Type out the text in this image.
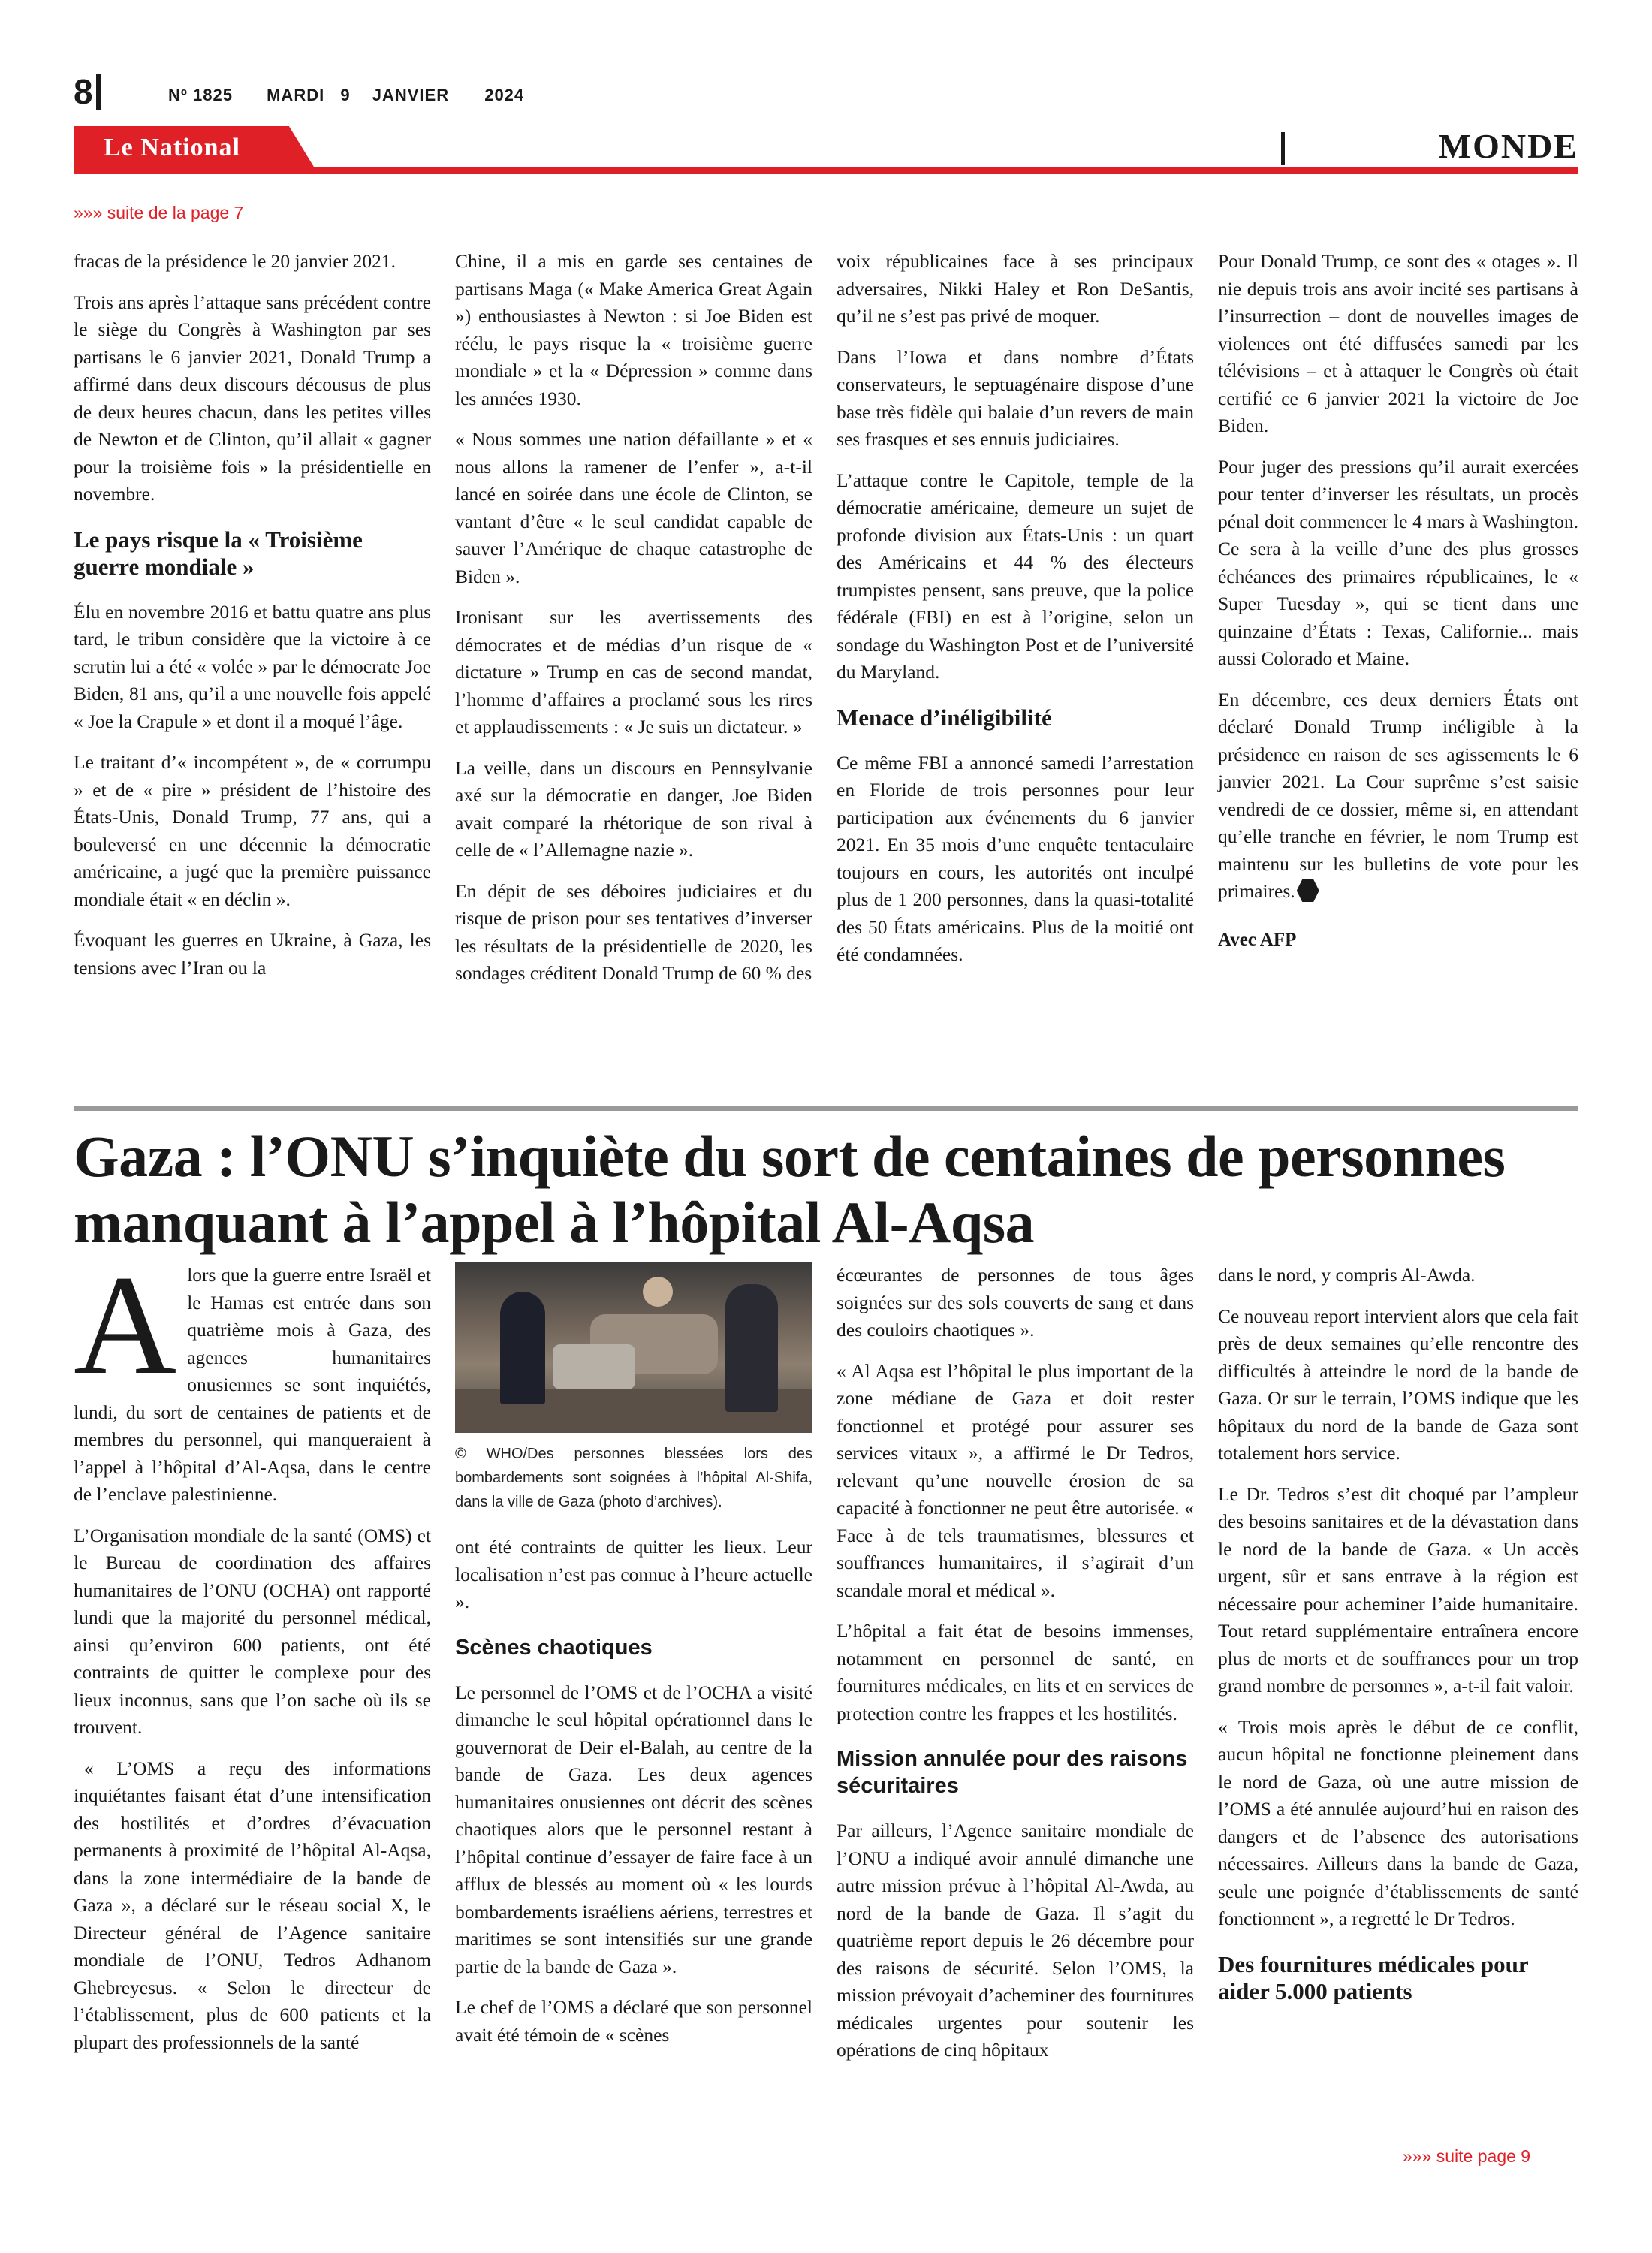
8	Nº 1825 MARDI 9 JANVIER 2024
Le National	MONDE
»»» suite de la page 7

fracas de la présidence le 20 janvier 2021.

Trois ans après l’attaque sans précédent contre le siège du Congrès à Washington par ses partisans le 6 janvier 2021, Donald Trump a affirmé dans deux discours décousus de plus de deux heures chacun, dans les petites villes de Newton et de Clinton, qu’il allait « gagner pour la troisième fois » la présidentielle en novembre.

Le pays risque la « Troisième guerre mondiale »

Élu en novembre 2016 et battu quatre ans plus tard, le tribun considère que la victoire à ce scrutin lui a été « volée » par le démocrate Joe Biden, 81 ans, qu’il a une nouvelle fois appelé « Joe la Crapule » et dont il a moqué l’âge.

Le traitant d’« incompétent », de « corrumpu » et de « pire » président de l’histoire des États-Unis, Donald Trump, 77 ans, qui a bouleversé en une décennie la démocratie américaine, a jugé que la première puissance mondiale était « en déclin ».

Évoquant les guerres en Ukraine, à Gaza, les tensions avec l’Iran ou la

Chine, il a mis en garde ses centaines de partisans Maga (« Make America Great Again ») enthousiastes à Newton : si Joe Biden est réélu, le pays risque la « troisième guerre mondiale » et la « Dépression » comme dans les années 1930.

« Nous sommes une nation défaillante » et « nous allons la ramener de l’enfer », a-t-il lancé en soirée dans une école de Clinton, se vantant d’être « le seul candidat capable de sauver l’Amérique de chaque catastrophe de Biden ».

Ironisant sur les avertissements des démocrates et de médias d’un risque de « dictature » Trump en cas de second mandat, l’homme d’affaires a proclamé sous les rires et applaudissements : « Je suis un dictateur. »

La veille, dans un discours en Pennsylvanie axé sur la démocratie en danger, Joe Biden avait comparé la rhétorique de son rival à celle de « l’Allemagne nazie ».

En dépit de ses déboires judiciaires et du risque de prison pour ses tentatives d’inverser les résultats de la présidentielle de 2020, les sondages créditent Donald Trump de 60 % des

voix républicaines face à ses principaux adversaires, Nikki Haley et Ron DeSantis, qu’il ne s’est pas privé de moquer.

Dans l’Iowa et dans nombre d’États conservateurs, le septuagénaire dispose d’une base très fidèle qui balaie d’un revers de main ses frasques et ses ennuis judiciaires.

L’attaque contre le Capitole, temple de la démocratie américaine, demeure un sujet de profonde division aux États-Unis : un quart des Américains et 44 % des électeurs trumpistes pensent, sans preuve, que la police fédérale (FBI) en est à l’origine, selon un sondage du Washington Post et de l’université du Maryland.

Menace d’inéligibilité

Ce même FBI a annoncé samedi l’arrestation en Floride de trois personnes pour leur participation aux événements du 6 janvier 2021. En 35 mois d’une enquête tentaculaire toujours en cours, les autorités ont inculpé plus de 1 200 personnes, dans la quasi-totalité des 50 États américains. Plus de la moitié ont été condamnées.

Pour Donald Trump, ce sont des « otages ». Il nie depuis trois ans avoir incité ses partisans à l’insurrection – dont de nouvelles images de violences ont été diffusées samedi par les télévisions – et à attaquer le Congrès où était certifié ce 6 janvier 2021 la victoire de Joe Biden.

Pour juger des pressions qu’il aurait exercées pour tenter d’inverser les résultats, un procès pénal doit commencer le 4 mars à Washington. Ce sera à la veille d’une des plus grosses échéances des primaires républicaines, le « Super Tuesday », qui se tient dans une quinzaine d’États : Texas, Californie... mais aussi Colorado et Maine.

En décembre, ces deux derniers États ont déclaré Donald Trump inéligible à la présidence en raison de ses agissements le 6 janvier 2021. La Cour suprême s’est saisie vendredi de ce dossier, même si, en attendant qu’elle tranche en février, le nom Trump est maintenu sur les bulletins de vote pour les primaires.

Avec AFP
Gaza : l’ONU s’inquiète du sort de centaines de personnes manquant à l’appel à l’hôpital Al-Aqsa

Alors que la guerre entre Israël et le Hamas est entrée dans son quatrième mois à Gaza, des agences humanitaires onusiennes se sont inquiétés, lundi, du sort de centaines de patients et de membres du personnel, qui manqueraient à l’appel à l’hôpital d’Al-Aqsa, dans le centre de l’enclave palestinienne.

L’Organisation mondiale de la santé (OMS) et le Bureau de coordination des affaires humanitaires de l’ONU (OCHA) ont rapporté lundi que la majorité du personnel médical, ainsi qu’environ 600 patients, ont été contraints de quitter le complexe pour des lieux inconnus, sans que l’on sache où ils se trouvent.

« L’OMS a reçu des informations inquiétantes faisant état d’une intensification des hostilités et d’ordres d’évacuation permanents à proximité de l’hôpital Al-Aqsa, dans la zone intermédiaire de la bande de Gaza », a déclaré sur le réseau social X, le Directeur général de l’Agence sanitaire mondiale de l’ONU, Tedros Adhanom Ghebreyesus. « Selon le directeur de l’établissement, plus de 600 patients et la plupart des professionnels de la santé

© WHO/Des personnes blessées lors des bombardements sont soignées à l’hôpital Al-Shifa, dans la ville de Gaza (photo d’archives).

ont été contraints de quitter les lieux. Leur localisation n’est pas connue à l’heure actuelle ».

Scènes chaotiques

Le personnel de l’OMS et de l’OCHA a visité dimanche le seul hôpital opérationnel dans le gouvernorat de Deir el-Balah, au centre de la bande de Gaza. Les deux agences humanitaires onusiennes ont décrit des scènes chaotiques alors que le personnel restant à l’hôpital continue d’essayer de faire face à un afflux de blessés au moment où « les lourds bombardements israéliens aériens, terrestres et maritimes se sont intensifiés sur une grande partie de la bande de Gaza ».

Le chef de l’OMS a déclaré que son personnel avait été témoin de « scènes

écœurantes de personnes de tous âges soignées sur des sols couverts de sang et dans des couloirs chaotiques ».

« Al Aqsa est l’hôpital le plus important de la zone médiane de Gaza et doit rester fonctionnel et protégé pour assurer ses services vitaux », a affirmé le Dr Tedros, relevant qu’une nouvelle érosion de sa capacité à fonctionner ne peut être autorisée. « Face à de tels traumatismes, blessures et souffrances humanitaires, il s’agirait d’un scandale moral et médical ».

L’hôpital a fait état de besoins immenses, notamment en personnel de santé, en fournitures médicales, en lits et en services de protection contre les frappes et les hostilités.

Mission annulée pour des raisons sécuritaires

Par ailleurs, l’Agence sanitaire mondiale de l’ONU a indiqué avoir annulé dimanche une autre mission prévue à l’hôpital Al-Awda, au nord de la bande de Gaza. Il s’agit du quatrième report depuis le 26 décembre pour des raisons de sécurité. Selon l’OMS, la mission prévoyait d’acheminer des fournitures médicales urgentes pour soutenir les opérations de cinq hôpitaux

dans le nord, y compris Al-Awda.

Ce nouveau report intervient alors que cela fait près de deux semaines qu’elle rencontre des difficultés à atteindre le nord de la bande de Gaza. Or sur le terrain, l’OMS indique que les hôpitaux du nord de la bande de Gaza sont totalement hors service.

Le Dr. Tedros s’est dit choqué par l’ampleur des besoins sanitaires et de la dévastation dans le nord de la bande de Gaza. « Un accès urgent, sûr et sans entrave à la région est nécessaire pour acheminer l’aide humanitaire. Tout retard supplémentaire entraînera encore plus de morts et de souffrances pour un trop grand nombre de personnes », a-t-il fait valoir.

« Trois mois après le début de ce conflit, aucun hôpital ne fonctionne pleinement dans le nord de Gaza, où une autre mission de l’OMS a été annulée aujourd’hui en raison des dangers et de l’absence des autorisations nécessaires. Ailleurs dans la bande de Gaza, seule une poignée d’établissements de santé fonctionnent », a regretté le Dr Tedros.

Des fournitures médicales pour aider 5.000 patients
»»» suite page 9
